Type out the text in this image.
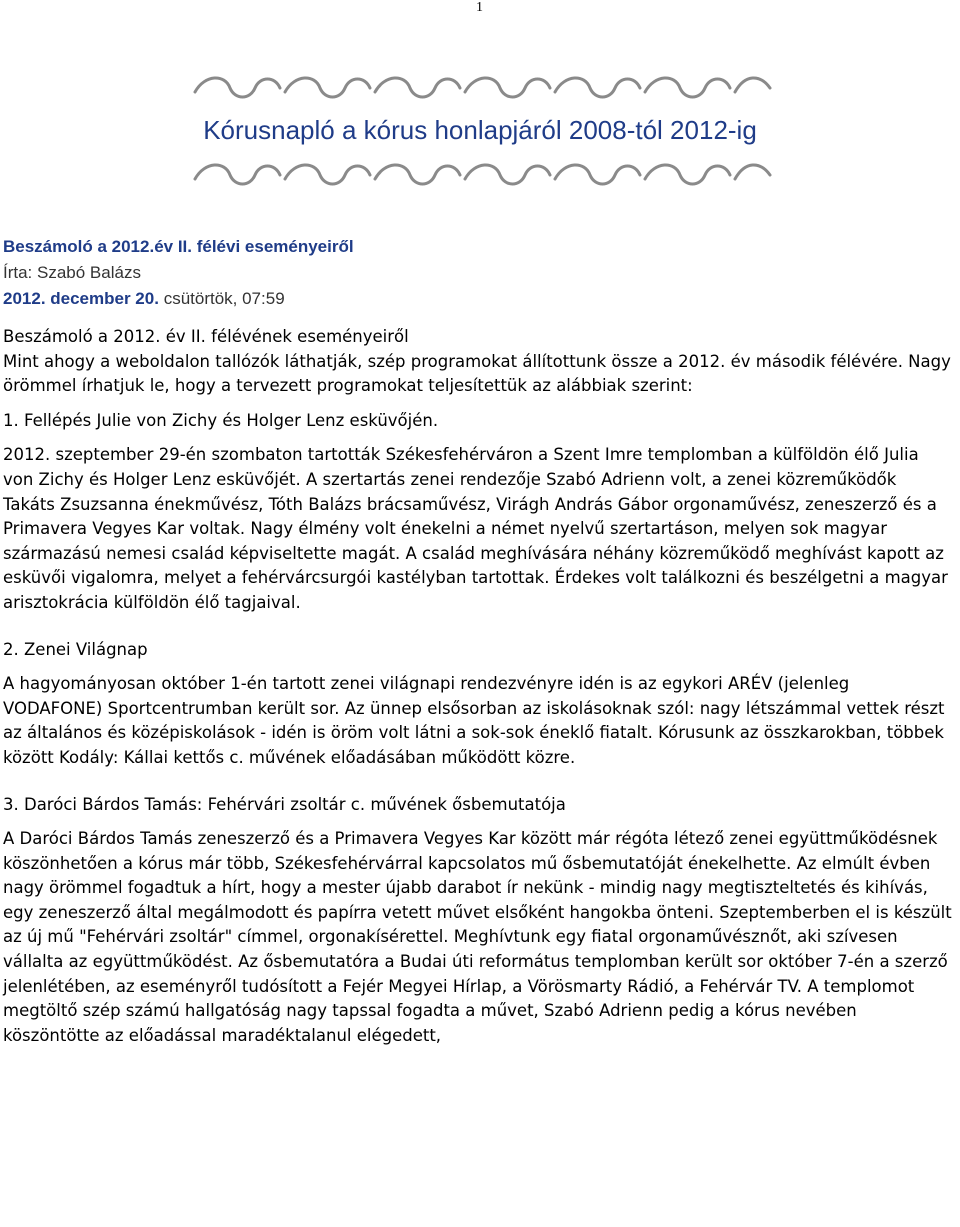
1
Kórusnapló a kórus honlapjáról 2008-tól 2012-ig
Beszámoló a 2012.év II. félévi eseményeiről
Írta: Szabó Balázs
2012. december 20. csütörtök, 07:59

Beszámoló a 2012. év II. félévének eseményeiről

Mint ahogy a weboldalon tallózók láthatják, szép programokat állítottunk össze a 2012. év második félévére. Nagy örömmel írhatjuk le, hogy a tervezett programokat teljesítettük az alábbiak szerint:

1. Fellépés Julie von Zichy és Holger Lenz esküvőjén.

2012. szeptember 29-én szombaton tartották Székesfehérváron a Szent Imre templomban a külföldön élő Julia von Zichy és Holger Lenz esküvőjét. A szertartás zenei rendezője Szabó Adrienn volt, a zenei közreműködők Takáts Zsuzsanna énekművész, Tóth Balázs brácsaművész, Virágh András Gábor orgonaművész, zeneszerző és a Primavera Vegyes Kar voltak. Nagy élmény volt énekelni a német nyelvű szertartáson, melyen sok magyar származású nemesi család képviseltette magát. A család meghívására néhány közreműködő meghívást kapott az esküvői vigalomra, melyet a fehérvárcsurgói kastélyban tartottak. Érdekes volt találkozni és beszélgetni a magyar arisztokrácia külföldön élő tagjaival.

2. Zenei Világnap

A hagyományosan október 1-én tartott zenei világnapi rendezvényre idén is az egykori ARÉV (jelenleg VODAFONE) Sportcentrumban került sor. Az ünnep elsősorban az iskolásoknak szól: nagy létszámmal vettek részt az általános és középiskolások - idén is öröm volt látni a sok-sok éneklő fiatalt. Kórusunk az összkarokban, többek között Kodály: Kállai kettős c. művének előadásában működött közre.

3. Daróci Bárdos Tamás: Fehérvári zsoltár c. művének ősbemutatója

A Daróci Bárdos Tamás zeneszerző és a Primavera Vegyes Kar között már régóta létező zenei együttműködésnek köszönhetően a kórus már több, Székesfehérvárral kapcsolatos mű ősbemutatóját énekelhette. Az elmúlt évben nagy örömmel fogadtuk a hírt, hogy a mester újabb darabot ír nekünk - mindig nagy megtiszteltetés és kihívás, egy zeneszerző által megálmodott és papírra vetett művet elsőként hangokba önteni. Szeptemberben el is készült az új mű "Fehérvári zsoltár" címmel, orgonakísérettel. Meghívtunk egy fiatal orgonaművésznőt, aki szívesen vállalta az együttműködést. Az ősbemutatóra a Budai úti református templomban került sor október 7-én a szerző jelenlétében, az eseményről tudósított a Fejér Megyei Hírlap, a Vörösmarty Rádió, a Fehérvár TV. A templomot megtöltő szép számú hallgatóság nagy tapssal fogadta a művet, Szabó Adrienn pedig a kórus nevében köszöntötte az előadással maradéktalanul elégedett,
